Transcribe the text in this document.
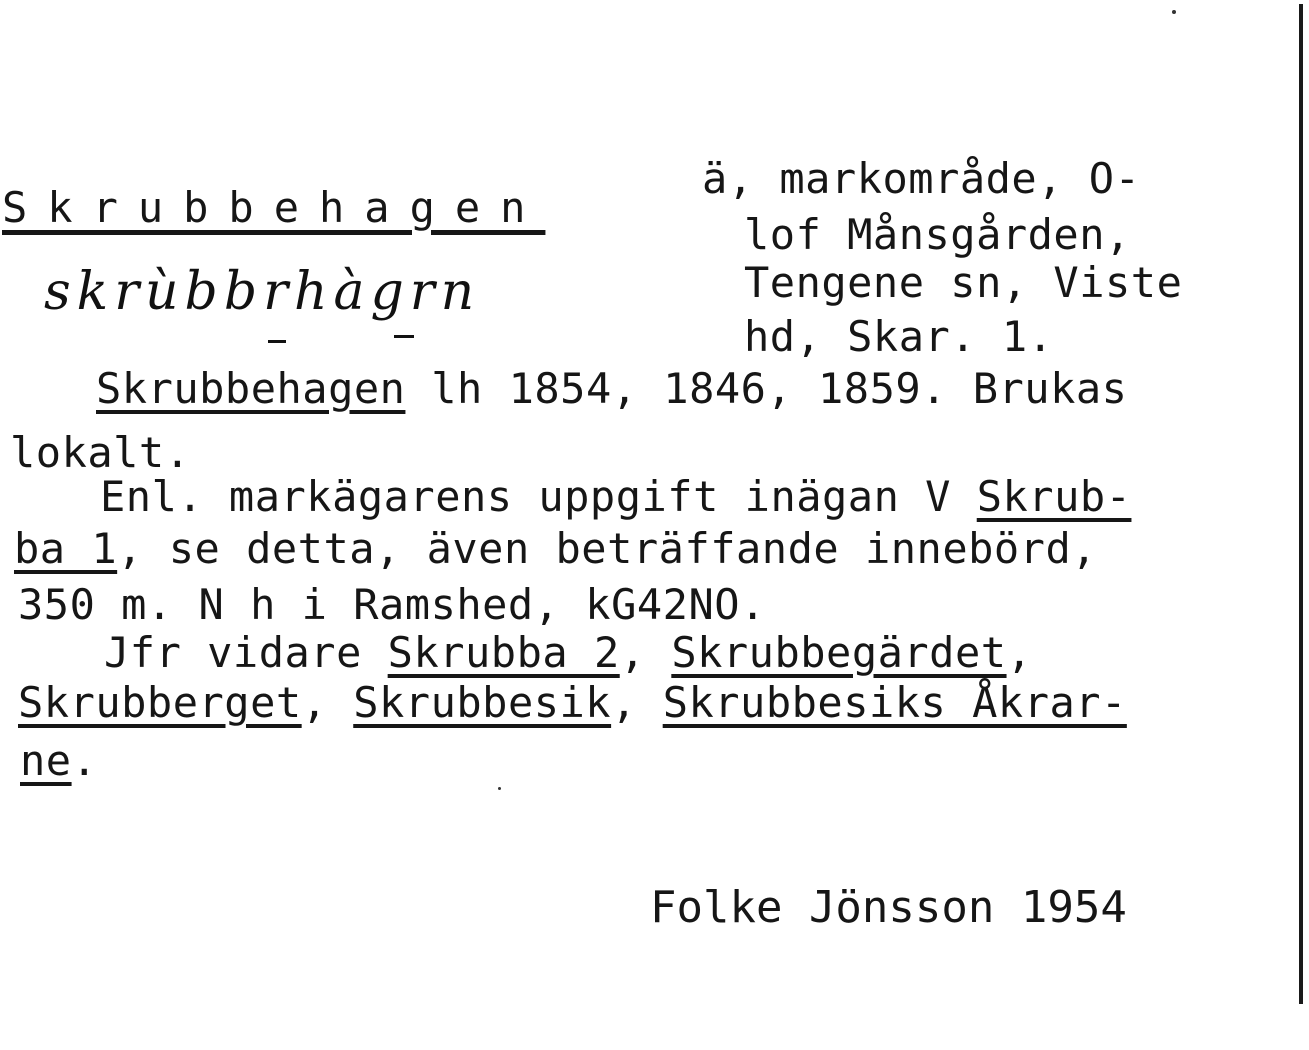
Skrubbehagen
ä, markområde, O-
lof Månsgården,
Tengene sn, Viste
hd, Skar. 1.
skrùbbrhàgrn
Skrubbehagen lh 1854, 1846, 1859. Brukas
lokalt.
Enl. markägarens uppgift inägan V Skrub-
ba 1, se detta, även beträffande innebörd,
350 m. N h i Ramshed, kG42NO.
Jfr vidare Skrubba 2, Skrubbegärdet,
Skrubberget, Skrubbesik, Skrubbesiks Åkrar-
ne.
Folke Jönsson 1954
